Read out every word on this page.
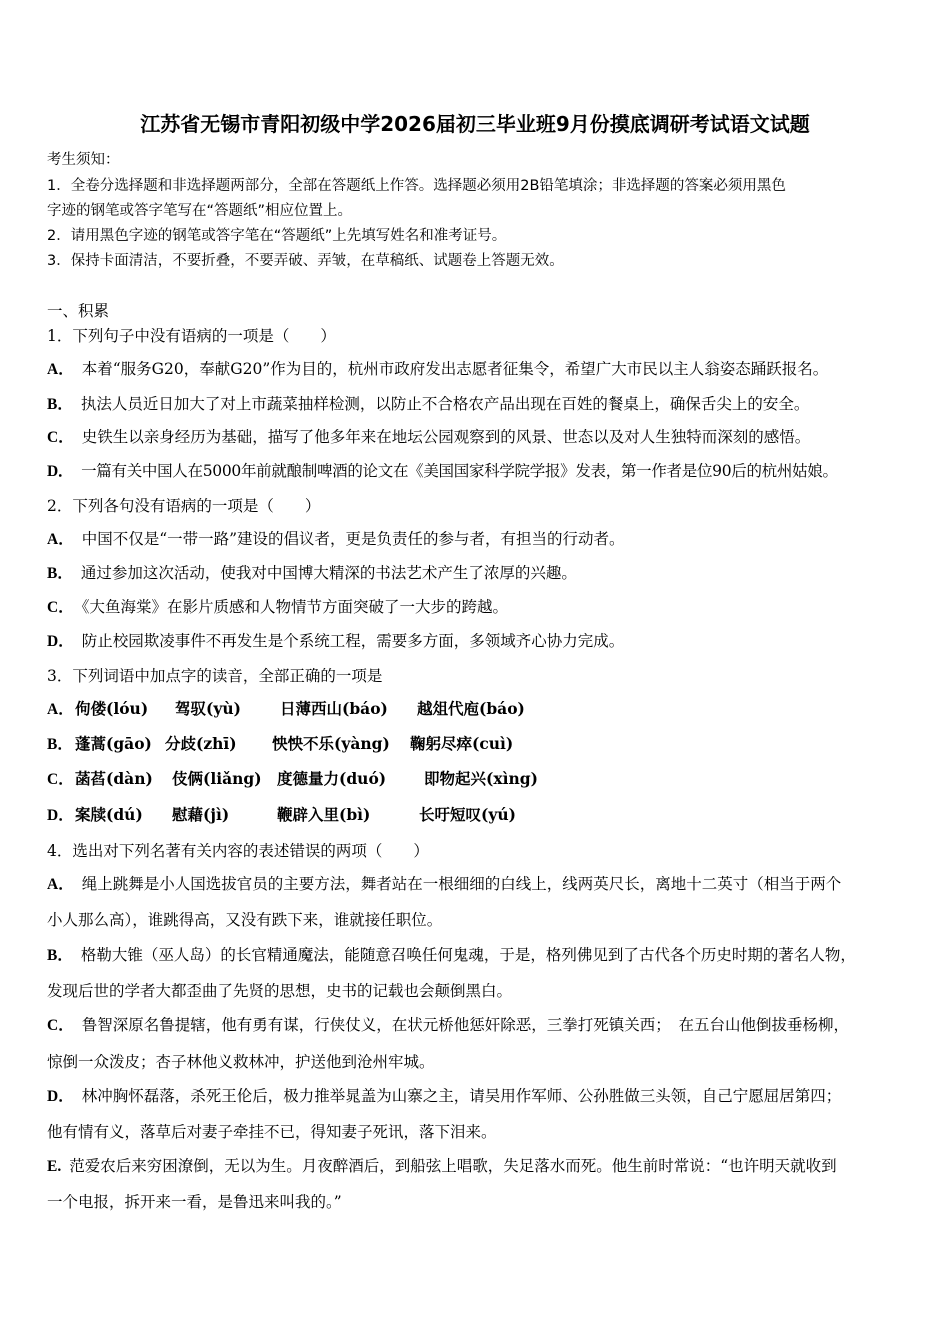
江苏省无锡市青阳初级中学2026届初三毕业班9月份摸底调研考试语文试题
考生须知：
1．全卷分选择题和非选择题两部分，全部在答题纸上作答。选择题必须用2B铅笔填涂；非选择题的答案必须用黑色
字迹的钢笔或答字笔写在“答题纸”相应位置上。
2．请用黑色字迹的钢笔或答字笔在“答题纸”上先填写姓名和准考证号。
3．保持卡面清洁，不要折叠，不要弄破、弄皱，在草稿纸、试题卷上答题无效。
一、积累
1．下列句子中没有语病的一项是（　　）
A． 本着“服务G20，奉献G20”作为目的，杭州市政府发出志愿者征集令，希望广大市民以主人翁姿态踊跃报名。
B． 执法人员近日加大了对上市蔬菜抽样检测，以防止不合格农产品出现在百姓的餐桌上，确保舌尖上的安全。
C． 史铁生以亲身经历为基础，描写了他多年来在地坛公园观察到的风景、世态以及对人生独特而深刻的感悟。
D． 一篇有关中国人在5000年前就酿制啤酒的论文在《美国国家科学院学报》发表，第一作者是位90后的杭州姑娘。
2．下列各句没有语病的一项是（　　）
A． 中国不仅是“一带一路”建设的倡议者，更是负责任的参与者，有担当的行动者。
B． 通过参加这次活动，使我对中国博大精深的书法艺术产生了浓厚的兴趣。
C． 《大鱼海棠》在影片质感和人物情节方面突破了一大步的跨越。
D． 防止校园欺凌事件不再发生是个系统工程，需要多方面，多领域齐心协力完成。
3．下列词语中加点字的读音，全部正确的一项是
A． 佝偻(lóu) 驾驭(yù)	日薄西山(báo) 越俎代庖(báo)
B． 蓬蒿(gāo) 分歧(zhī) 怏怏不乐(yàng) 鞠躬尽瘁(cuì)
C． 菡萏(dàn) 伎俩(liǎng) 度德量力(duó) 即物起兴(xìng)
D． 案牍(dú) 慰藉(jì)	鞭辟入里(bì)	长吁短叹(yú)
4．选出对下列名著有关内容的表述错误的两项（　　）
A． 绳上跳舞是小人国选拔官员的主要方法，舞者站在一根细细的白线上，线两英尺长，离地十二英寸（相当于两个
小人那么高），谁跳得高，又没有跌下来，谁就接任职位。
B． 格勒大锥（巫人岛）的长官精通魔法，能随意召唤任何鬼魂，于是，格列佛见到了古代各个历史时期的著名人物，
发现后世的学者大都歪曲了先贤的思想，史书的记载也会颠倒黑白。
C． 鲁智深原名鲁提辖，他有勇有谋，行侠仗义，在状元桥他惩奸除恶，三拳打死镇关西；　在五台山他倒拔垂杨柳，
惊倒一众泼皮；杏子林他义救林冲，护送他到沧州牢城。
D． 林冲胸怀磊落，杀死王伦后，极力推举晁盖为山寨之主，请吴用作军师、公孙胜做三头领，自己宁愿屈居第四；
他有情有义，落草后对妻子牵挂不已，得知妻子死讯，落下泪来。
E. 范爱农后来穷困潦倒，无以为生。月夜醉酒后，到船弦上唱歌，失足落水而死。他生前时常说：“也许明天就收到
一个电报，拆开来一看，是鲁迅来叫我的。”
